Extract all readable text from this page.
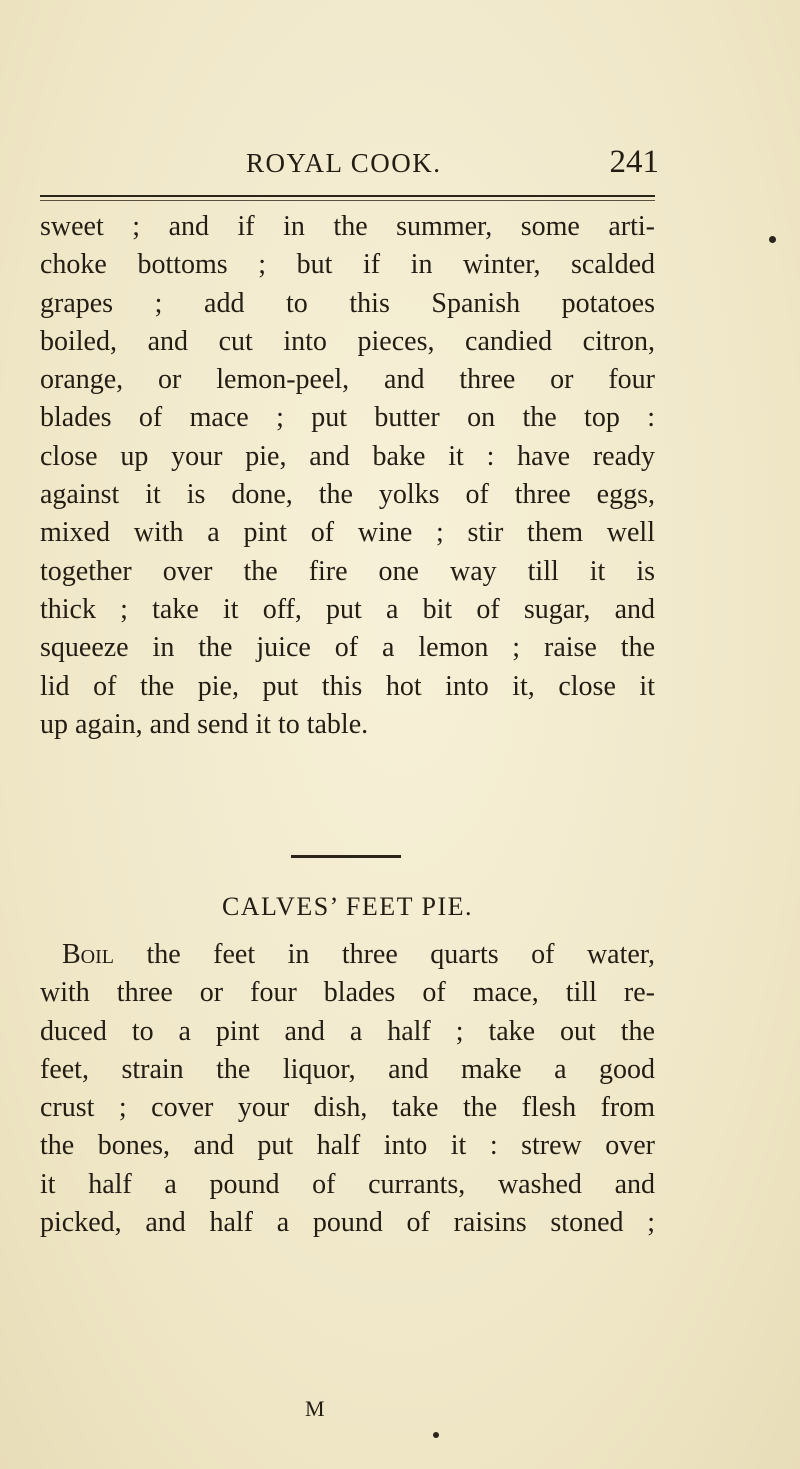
ROYAL COOK.	241
sweet ; and if in the summer, some arti-
choke bottoms ; but if in winter, scalded
grapes ; add to this Spanish potatoes
boiled, and cut into pieces, candied citron,
orange, or lemon-peel, and three or four
blades of mace ; put butter on the top :
close up your pie, and bake it : have ready
against it is done, the yolks of three eggs,
mixed with a pint of wine ; stir them well
together over the fire one way till it is
thick ; take it off, put a bit of sugar, and
squeeze in the juice of a lemon ; raise the
lid of the pie, put this hot into it, close it
up again, and send it to table.
CALVES’ FEET PIE.
Boil the feet in three quarts of water,
with three or four blades of mace, till re-
duced to a pint and a half ; take out the
feet, strain the liquor, and make a good
crust ; cover your dish, take the flesh from
the bones, and put half into it : strew over
it half a pound of currants, washed and
picked, and half a pound of raisins stoned ;
M
